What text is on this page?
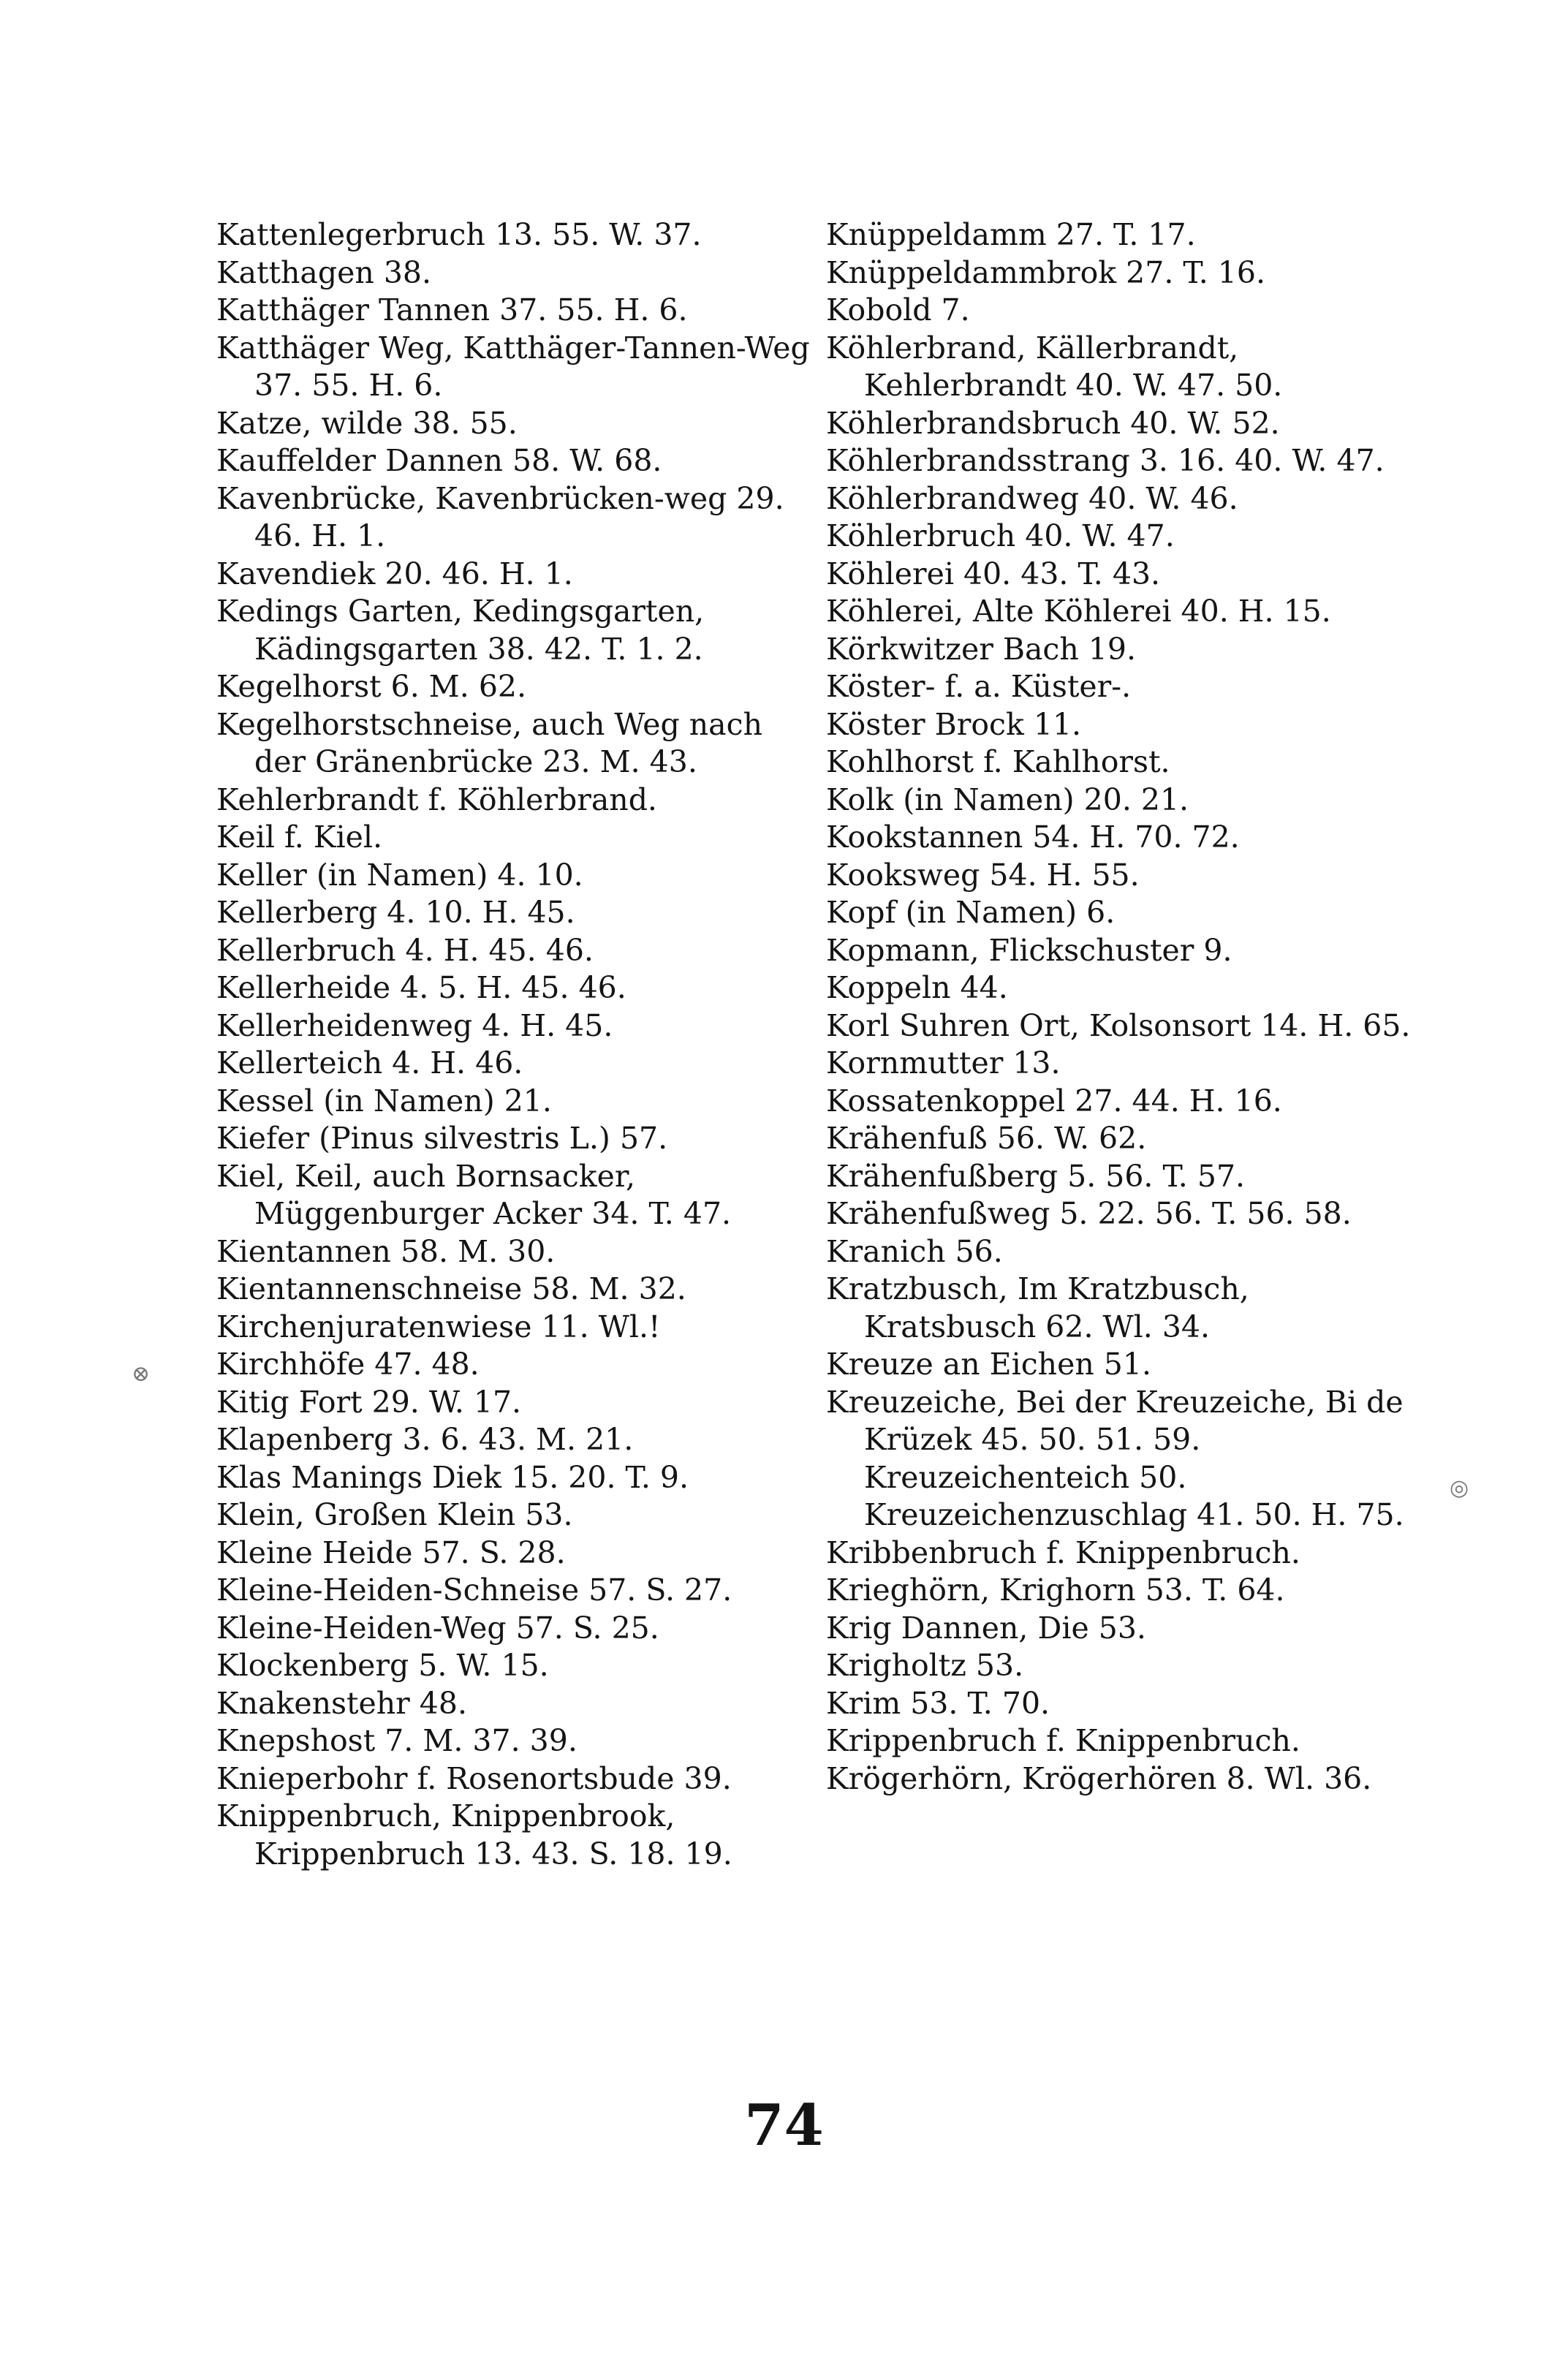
Kattenlegerbruch 13. 55. W. 37.
Katthagen 38.
Katthäger Tannen 37. 55. H. 6.
Katthäger Weg, Katthäger-Tannen-Weg 37. 55. H. 6.
Katze, wilde 38. 55.
Kauffelder Dannen 58. W. 68.
Kavenbrücke, Kavenbrücken-weg 29. 46. H. 1.
Kavendiek 20. 46. H. 1.
Kedings Garten, Kedingsgarten, Kädingsgarten 38. 42. T. 1. 2.
Kegelhorst 6. M. 62.
Kegelhorstschneise, auch Weg nach der Gränenbrücke 23. M. 43.
Kehlerbrandt f. Köhlerbrand.
Keil f. Kiel.
Keller (in Namen) 4. 10.
Kellerberg 4. 10. H. 45.
Kellerbruch 4. H. 45. 46.
Kellerheide 4. 5. H. 45. 46.
Kellerheidenweg 4. H. 45.
Kellerteich 4. H. 46.
Kessel (in Namen) 21.
Kiefer (Pinus silvestris L.) 57.
Kiel, Keil, auch Bornsacker, Müggenburger Acker 34. T. 47.
Kientannen 58. M. 30.
Kientannenschneise 58. M. 32.
Kirchenjuratenwiese 11. Wl.!
Kirchhöfe 47. 48.
Kitig Fort 29. W. 17.
Klapenberg 3. 6. 43. M. 21.
Klas Manings Diek 15. 20. T. 9.
Klein, Großen Klein 53.
Kleine Heide 57. S. 28.
Kleine-Heiden-Schneise 57. S. 27.
Kleine-Heiden-Weg 57. S. 25.
Klockenberg 5. W. 15.
Knakenstehr 48.
Knepshost 7. M. 37. 39.
Knieperbohr f. Rosenortsbude 39.
Knippenbruch, Knippenbrook, Krippenbruch 13. 43. S. 18. 19.
Knüppeldamm 27. T. 17.
Knüppeldammbrok 27. T. 16.
Kobold 7.
Köhlerbrand, Källerbrandt, Kehlerbrandt 40. W. 47. 50.
Köhlerbrandsbruch 40. W. 52.
Köhlerbrandsstrang 3. 16. 40. W. 47.
Köhlerbrandweg 40. W. 46.
Köhlerbruch 40. W. 47.
Köhlerei 40. 43. T. 43.
Köhlerei, Alte Köhlerei 40. H. 15.
Körkwitzer Bach 19.
Köster- f. a. Küster-.
Köster Brock 11.
Kohlhorst f. Kahlhorst.
Kolk (in Namen) 20. 21.
Kookstannen 54. H. 70. 72.
Kooksweg 54. H. 55.
Kopf (in Namen) 6.
Kopmann, Flickschuster 9.
Koppeln 44.
Korl Suhren Ort, Kolsonsort 14. H. 65.
Kornmutter 13.
Kossatenkoppel 27. 44. H. 16.
Krähenfuß 56. W. 62.
Krähenfußberg 5. 56. T. 57.
Krähenfußweg 5. 22. 56. T. 56. 58.
Kranich 56.
Kratzbusch, Im Kratzbusch, Kratsbusch 62. Wl. 34.
Kreuze an Eichen 51.
Kreuzeiche, Bei der Kreuzeiche, Bi de Krüzek 45. 50. 51. 59. Kreuzeichenteich 50. Kreuzeichenzuschlag 41. 50. H. 75.
Kribbenbruch f. Knippenbruch.
Krieghörn, Krighorn 53. T. 64.
Krig Dannen, Die 53.
Krigholtz 53.
Krim 53. T. 70.
Krippenbruch f. Knippenbruch.
Krögerhörn, Krögerhören 8. Wl. 36.
74
⊗
◎
